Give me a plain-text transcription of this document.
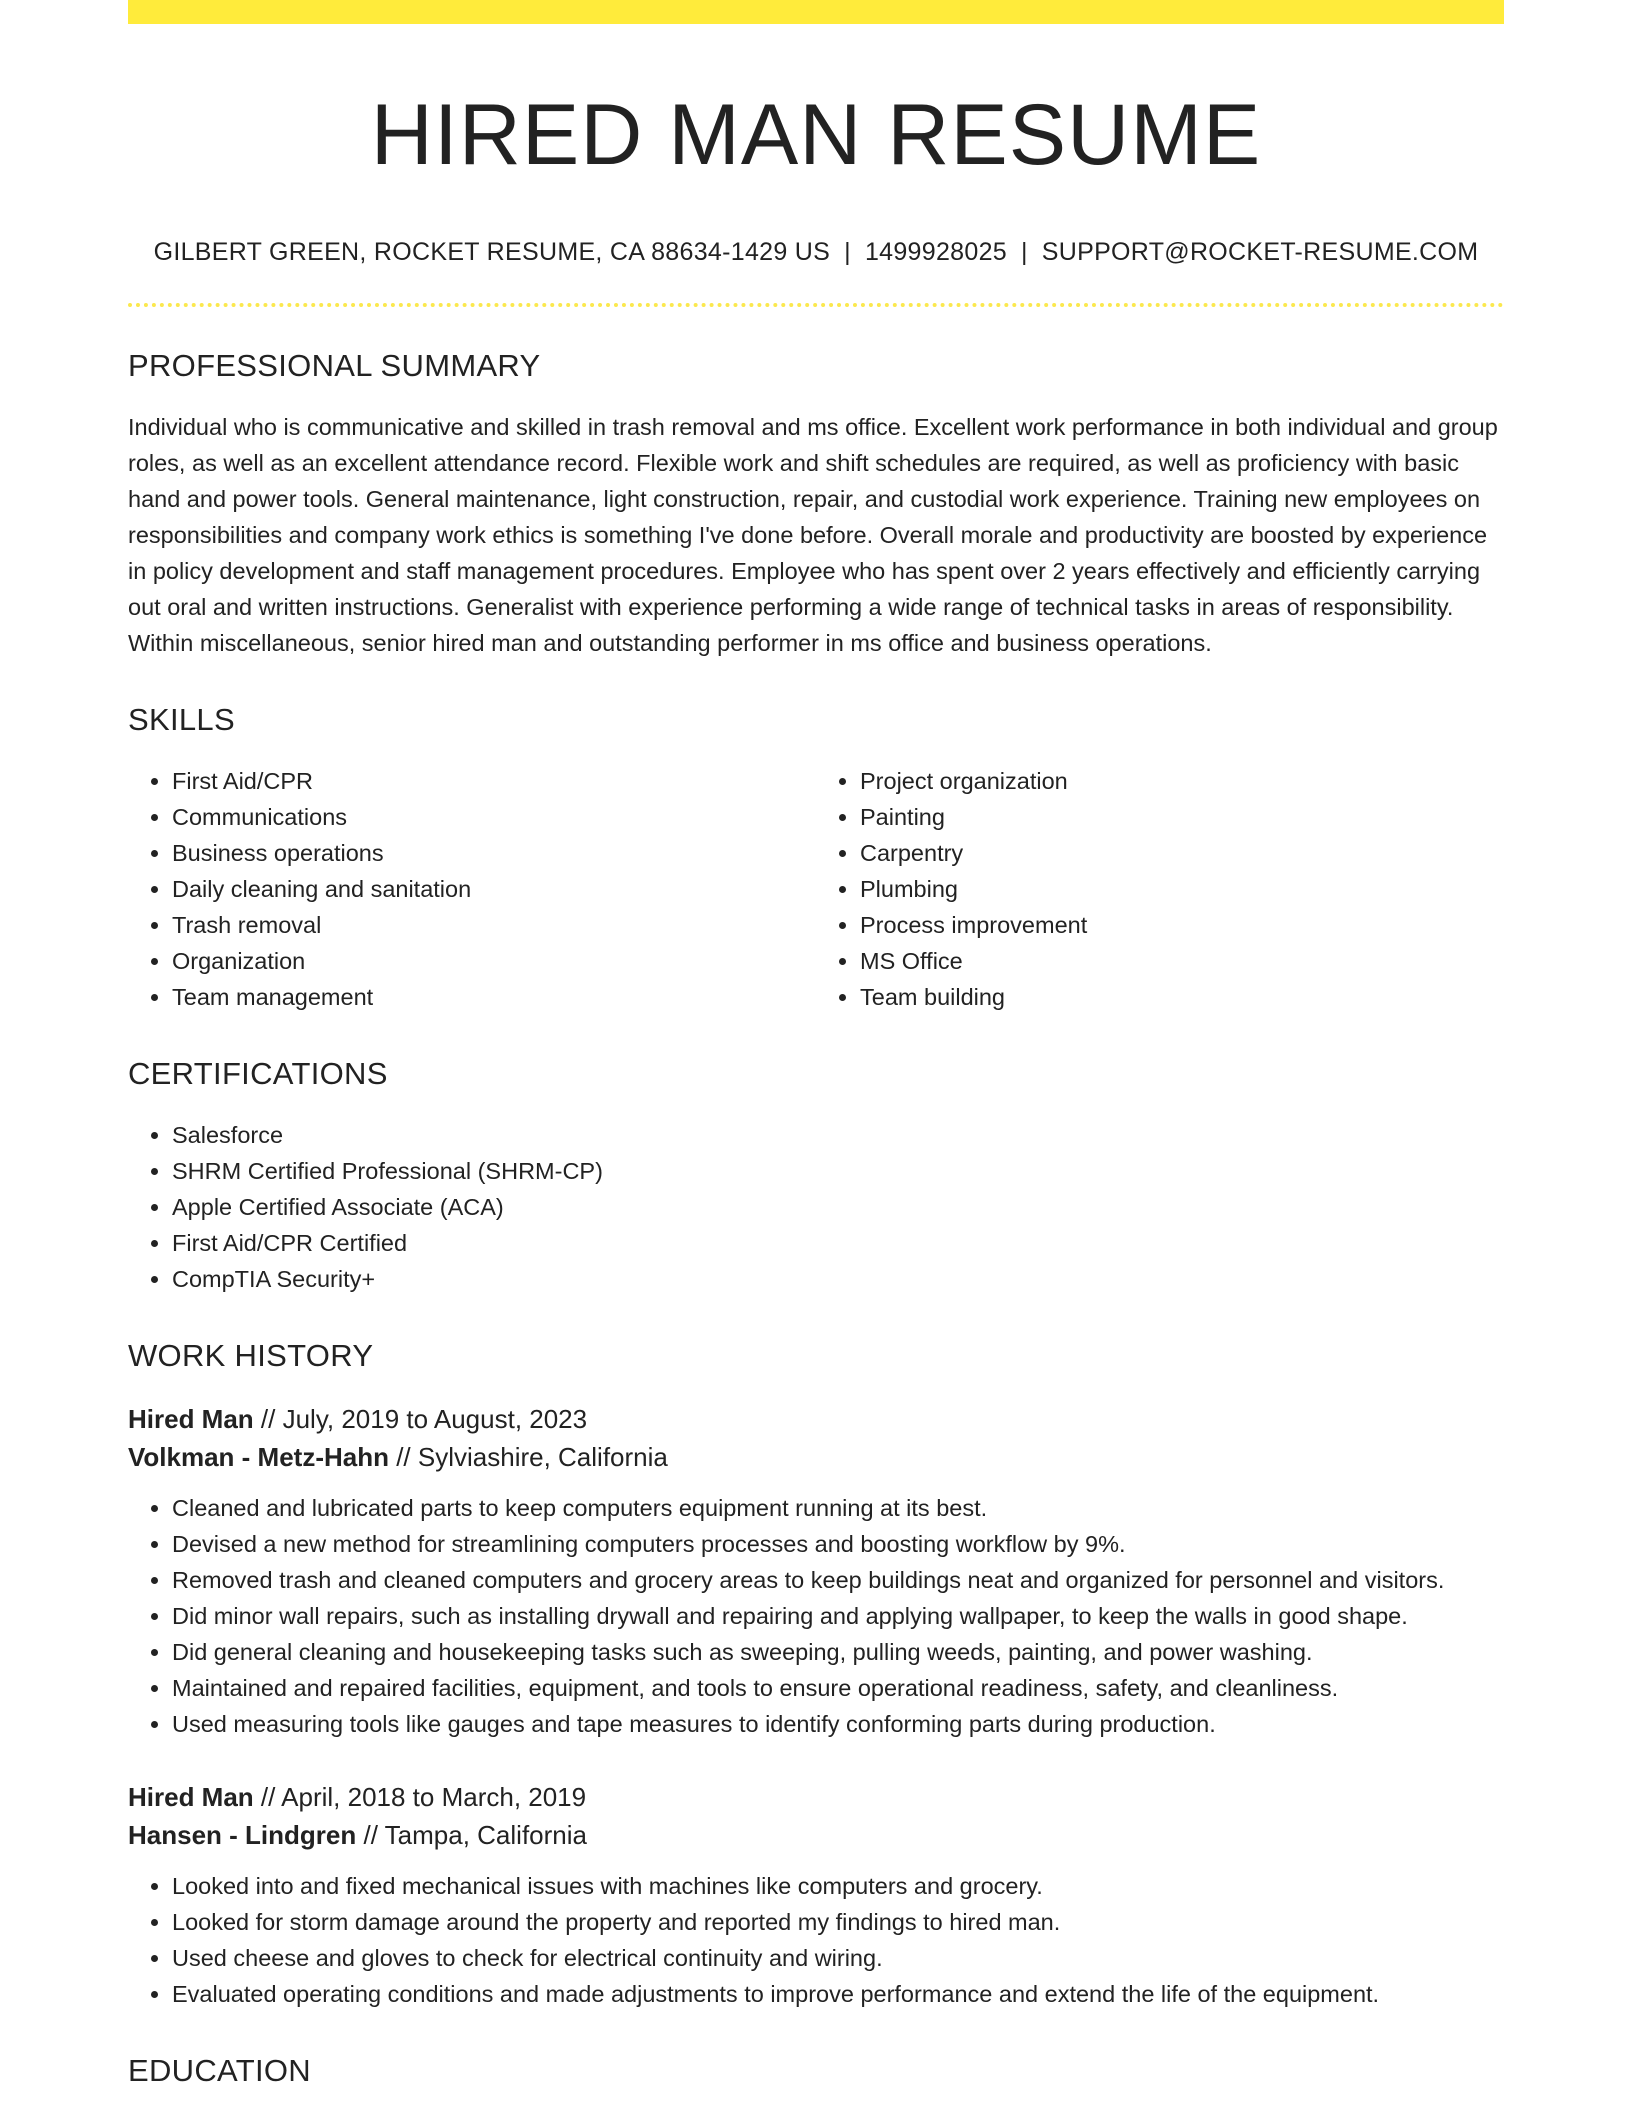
HIRED MAN RESUME
GILBERT GREEN, ROCKET RESUME, CA 88634-1429 US | 1499928025 | SUPPORT@ROCKET-RESUME.COM
PROFESSIONAL SUMMARY

Individual who is communicative and skilled in trash removal and ms office. Excellent work performance in both individual and group roles, as well as an excellent attendance record. Flexible work and shift schedules are required, as well as proficiency with basic hand and power tools. General maintenance, light construction, repair, and custodial work experience. Training new employees on responsibilities and company work ethics is something I've done before. Overall morale and productivity are boosted by experience in policy development and staff management procedures. Employee who has spent over 2 years effectively and efficiently carrying out oral and written instructions. Generalist with experience performing a wide range of technical tasks in areas of responsibility. Within miscellaneous, senior hired man and outstanding performer in ms office and business operations.

SKILLS
• First Aid/CPR
• Communications
• Business operations
• Daily cleaning and sanitation
• Trash removal
• Organization
• Team management
• Project organization
• Painting
• Carpentry
• Plumbing
• Process improvement
• MS Office
• Team building
CERTIFICATIONS
• Salesforce
• SHRM Certified Professional (SHRM-CP)
• Apple Certified Associate (ACA)
• First Aid/CPR Certified
• CompTIA Security+
WORK HISTORY
Hired Man // July, 2019 to August, 2023
Volkman - Metz-Hahn // Sylviashire, California
• Cleaned and lubricated parts to keep computers equipment running at its best.
• Devised a new method for streamlining computers processes and boosting workflow by 9%.
• Removed trash and cleaned computers and grocery areas to keep buildings neat and organized for personnel and visitors.
• Did minor wall repairs, such as installing drywall and repairing and applying wallpaper, to keep the walls in good shape.
• Did general cleaning and housekeeping tasks such as sweeping, pulling weeds, painting, and power washing.
• Maintained and repaired facilities, equipment, and tools to ensure operational readiness, safety, and cleanliness.
• Used measuring tools like gauges and tape measures to identify conforming parts during production.
Hired Man // April, 2018 to March, 2019
Hansen - Lindgren // Tampa, California
• Looked into and fixed mechanical issues with machines like computers and grocery.
• Looked for storm damage around the property and reported my findings to hired man.
• Used cheese and gloves to check for electrical continuity and wiring.
• Evaluated operating conditions and made adjustments to improve performance and extend the life of the equipment.
EDUCATION
